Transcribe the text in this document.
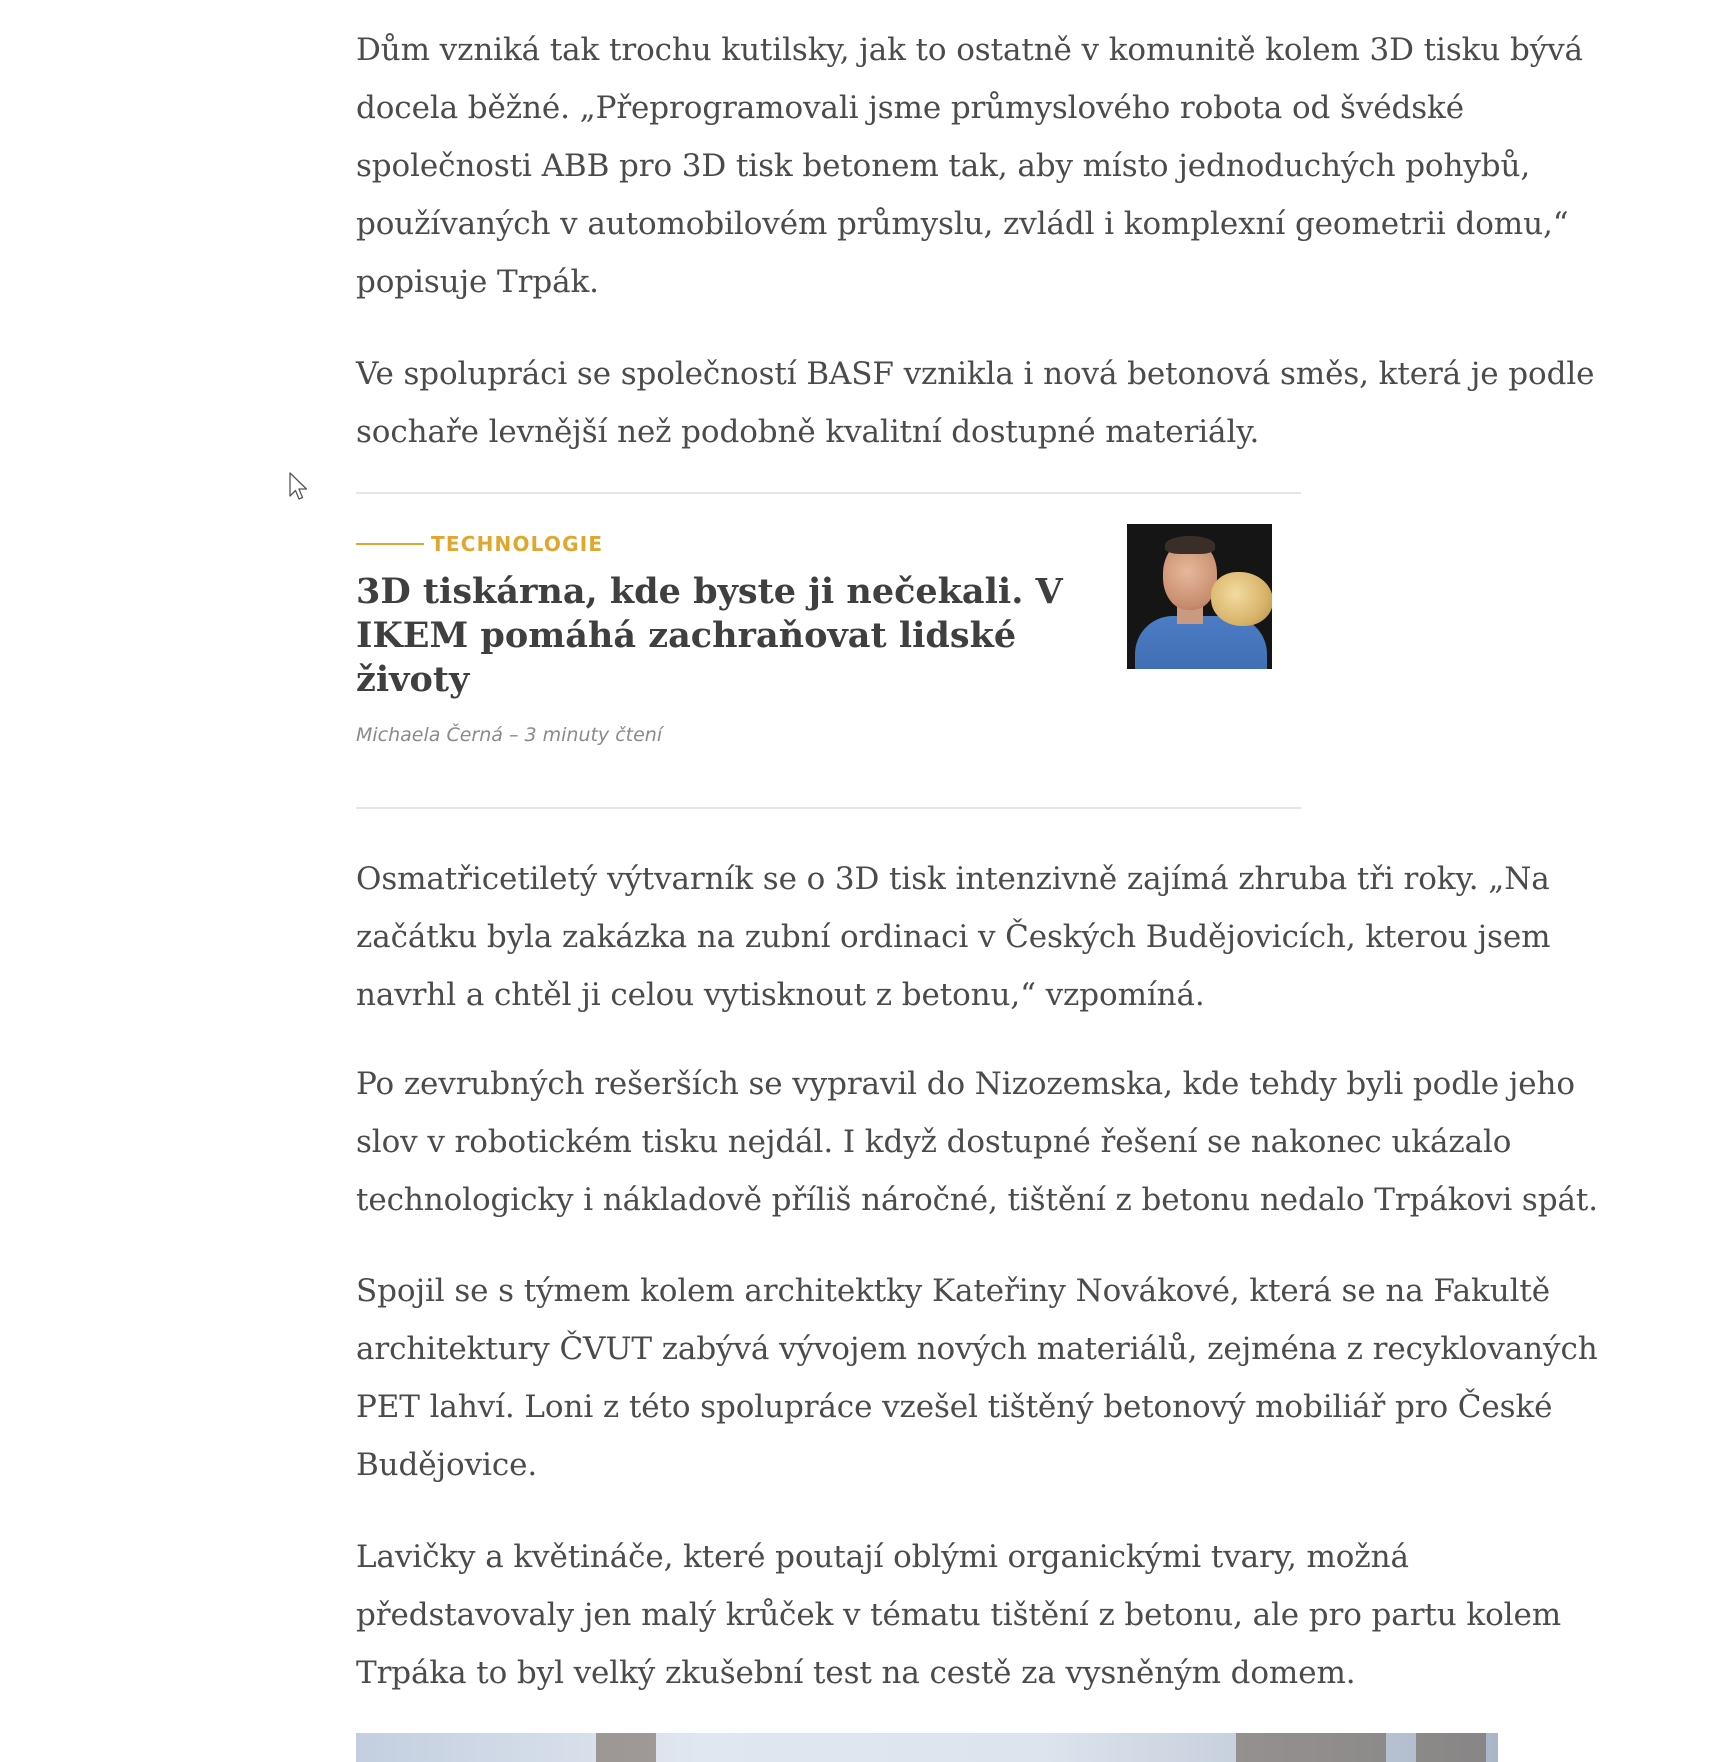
Dům vzniká tak trochu kutilsky, jak to ostatně v komunitě kolem 3D tisku bývá docela běžné. „Přeprogramovali jsme průmyslového robota od švédské společnosti ABB pro 3D tisk betonem tak, aby místo jednoduchých pohybů, používaných v automobilovém průmyslu, zvládl i komplexní geometrii domu,“ popisuje Trpák.

Ve spolupráci se společností BASF vznikla i nová betonová směs, která je podle sochaře levnější než podobně kvalitní dostupné materiály.

TECHNOLOGIE
3D tiskárna, kde byste ji nečekali. V IKEM pomáhá zachraňovat lidské životy
Michaela Černá – 3 minuty čtení

Osmatřicetiletý výtvarník se o 3D tisk intenzivně zajímá zhruba tři roky. „Na začátku byla zakázka na zubní ordinaci v Českých Budějovicích, kterou jsem navrhl a chtěl ji celou vytisknout z betonu,“ vzpomíná.

Po zevrubných rešerších se vypravil do Nizozemska, kde tehdy byli podle jeho slov v robotickém tisku nejdál. I když dostupné řešení se nakonec ukázalo technologicky i nákladově příliš náročné, tištění z betonu nedalo Trpákovi spát.

Spojil se s týmem kolem architektky Kateřiny Novákové, která se na Fakultě architektury ČVUT zabývá vývojem nových materiálů, zejména z recyklovaných PET lahví. Loni z této spolupráce vzešel tištěný betonový mobiliář pro České Budějovice.

Lavičky a květináče, které poutají oblými organickými tvary, možná představovaly jen malý krůček v tématu tištění z betonu, ale pro partu kolem Trpáka to byl velký zkušební test na cestě za vysněným domem.
